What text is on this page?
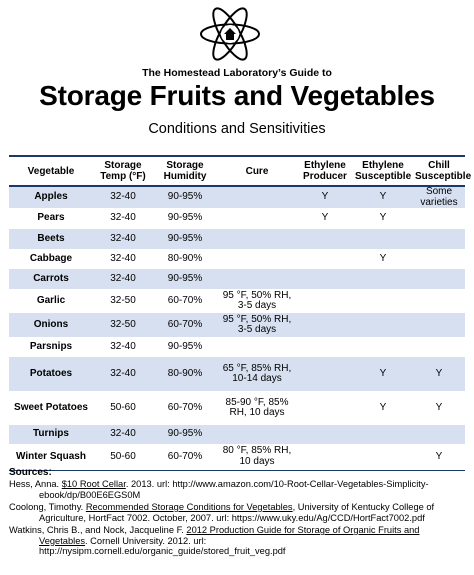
The Homestead Laboratory’s Guide to
Storage Fruits and Vegetables
Conditions and Sensitivities
Vegetable	Storage Temp (°F)	Storage Humidity	Cure	Ethylene Producer	Ethylene Susceptible	Chill Susceptible
Apples	32-40	90-95%		Y	Y	Some varieties
Pears	32-40	90-95%		Y	Y	
Beets	32-40	90-95%				
Cabbage	32-40	80-90%			Y	
Carrots	32-40	90-95%				
Garlic	32-50	60-70%	95 °F, 50% RH, 3-5 days			
Onions	32-50	60-70%	95 °F, 50% RH, 3-5 days			
Parsnips	32-40	90-95%				
Potatoes	32-40	80-90%	65 °F, 85% RH, 10-14 days		Y	Y
Sweet Potatoes	50-60	60-70%	85-90 °F, 85% RH, 10 days		Y	Y
Turnips	32-40	90-95%				
Winter Squash	50-60	60-70%	80 °F, 85% RH, 10 days			Y
Sources:
Hess, Anna. $10 Root Cellar. 2013. url: http://www.amazon.com/10-Root-Cellar-Vegetables-Simplicity-
ebook/dp/B00E6EGS0M
Coolong, Timothy. Recommended Storage Conditions for Vegetables, University of Kentucky College of
Agriculture, HortFact 7002. October, 2007. url: https://www.uky.edu/Ag/CCD/HortFact7002.pdf
Watkins, Chris B., and Nock, Jacqueline F. 2012 Production Guide for Storage of Organic Fruits and
Vegetables. Cornell University. 2012. url:
http://nysipm.cornell.edu/organic_guide/stored_fruit_veg.pdf
